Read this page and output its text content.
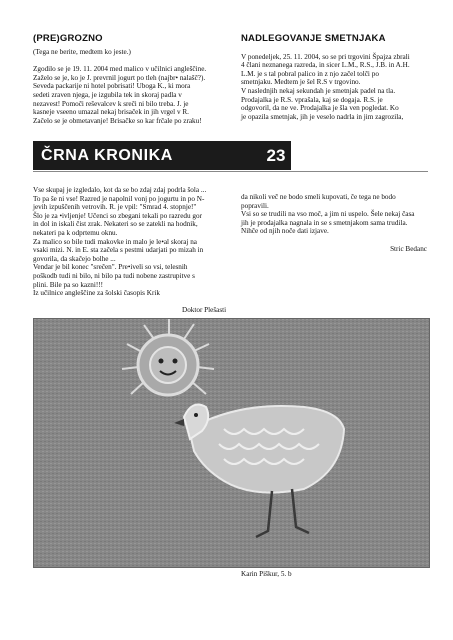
(PRE)GROZNO

(Tega ne berite, medtem ko jeste.)

Zgodilo se je 19. 11. 2004 med malico v učilnici angleščine.

Zaželo se je, ko je J. prevrnil jogurt po tleh (najbr• nalašč?).

Seveda packarije ni hotel pobrisati! Uboga K., ki mora

sedeti zraven njega, je izgubila tek in skoraj padla v

nezavest! Pomoči reševalcev k sreči ni bilo treba. J. je

kasneje vseeno umazal nekaj brisaček in jih vrgel v R.

Začelo se je obmetavanje! Brisačke so kar frčale po zraku!

NADLEGOVANJE SMETNJAKA

V ponedeljek, 25. 11. 2004, so se pri trgovini Špajza zbrali

4 člani neznanega razreda, in sicer L.M., R.S., J.B. in A.H.

L.M. je s tal pobral palico in z njo začel tolči po

smetnjaku. Medtem je šel R.S v trgovino.

V naslednjih nekaj sekundah je smetnjak padel na tla.

Prodajalka je R.S. vprašala, kaj se dogaja. R.S. je

odgovoril, da ne ve. Prodajalka je šla ven pogledat. Ko

je opazila smetnjak, jih je veselo nadrla in jim zagrozila,

ČRNA KRONIKA	23

Vse skupaj je izgledalo, kot da se bo zdaj zdaj podrla šola ...

To pa še ni vse! Razred je napolnil vonj po jogurtu in po N-

jevih izpuščenih vetrovih. R. je vpil: "Smrad 4. stopnje!"

Šlo je za •ivljenje! Učenci so zbegani tekali po razredu gor

in dol in iskali čist zrak. Nekateri so se zatekli na hodnik,

nekateri pa k odprtemu oknu.

Za malico so bile tudi makovke in malo je le•al skoraj na

vsaki mizi. N. in E. sta začela s pestmi udarjati po mizah in

govorila, da skačejo bolhe ...

Vendar je bil konec "srečen". Pre•iveli so vsi, telesnih

poškodb tudi ni bilo, ni bilo pa tudi nobene zastrupitve s

plini. Bile pa so kazni!!!

Iz učilnice angleščine za šolski časopis Krik

Doktor Plešasti

da nikoli več ne bodo smeli kupovati, če tega ne bodo

popravili.

Vsi so se trudili na vso moč, a jim ni uspelo. Šele nekaj časa

jih je prodajalka nagnala in se s smetnjakom sama trudila.

Nihče od njih noče dati izjave.

Stric Bedanc

Karin Piškur, 5. b
